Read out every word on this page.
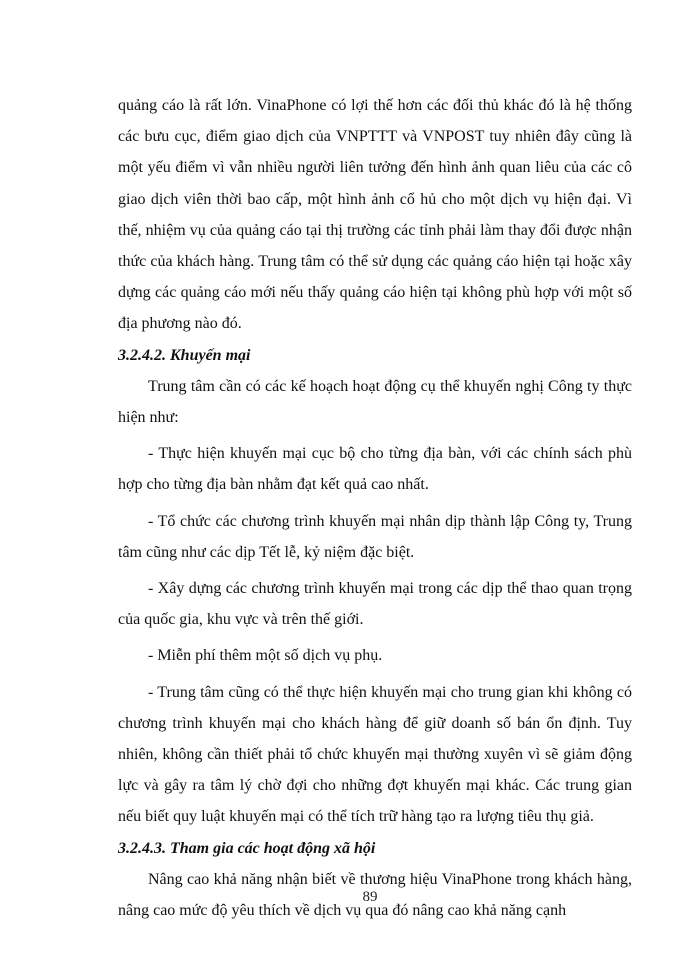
quảng cáo là rất lớn. VinaPhone có lợi thế hơn các đối thủ khác đó là hệ thống các bưu cục, điểm giao dịch của VNPTTT và VNPOST tuy nhiên đây cũng là một yếu điểm vì vẫn nhiều người liên tưởng đến hình ảnh quan liêu của các cô giao dịch viên thời bao cấp, một hình ảnh cổ hủ cho một dịch vụ hiện đại. Vì thế, nhiệm vụ của quảng cáo tại thị trường các tỉnh phải làm thay đổi được nhận thức của khách hàng. Trung tâm có thể sử dụng các quảng cáo hiện tại hoặc xây dựng các quảng cáo mới nếu thấy quảng cáo hiện tại không phù hợp với một số địa phương nào đó.

3.2.4.2. Khuyến mại

Trung tâm cần có các kế hoạch hoạt động cụ thể khuyến nghị Công ty thực hiện như:

- Thực hiện khuyến mại cục bộ cho từng địa bàn, với các chính sách phù hợp cho từng địa bàn nhằm đạt kết quả cao nhất.

- Tổ chức các chương trình khuyến mại nhân dịp thành lập Công ty, Trung tâm cũng như các dịp Tết lễ, kỷ niệm đặc biệt.

- Xây dựng các chương trình khuyến mại trong các dịp thể thao quan trọng của quốc gia, khu vực và trên thế giới.

- Miễn phí thêm một số dịch vụ phụ.

- Trung tâm cũng có thể thực hiện khuyến mại cho trung gian khi không có chương trình khuyến mại cho khách hàng để giữ doanh số bán ổn định. Tuy nhiên, không cần thiết phải tổ chức khuyến mại thường xuyên vì sẽ giảm động lực và gây ra tâm lý chờ đợi cho những đợt khuyến mại khác. Các trung gian nếu biết quy luật khuyến mại có thể tích trữ hàng tạo ra lượng tiêu thụ giả.

3.2.4.3. Tham gia các hoạt động xã hội

Nâng cao khả năng nhận biết về thương hiệu VinaPhone trong khách hàng, nâng cao mức độ yêu thích về dịch vụ qua đó nâng cao khả năng cạnh

89
